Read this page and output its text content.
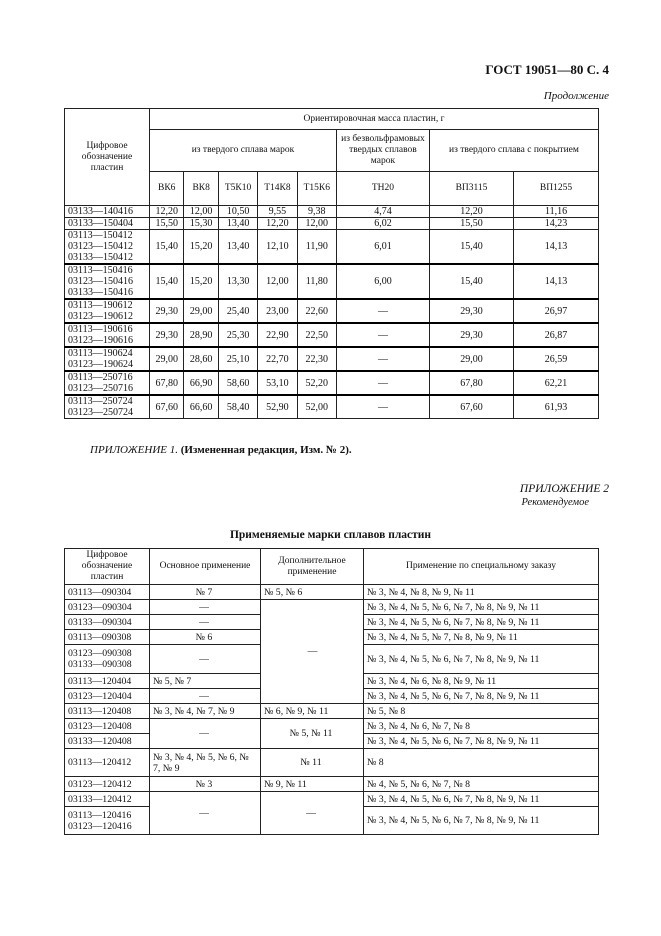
ГОСТ 19051—80 С. 4
Продолжение
Цифровое обозначение пластин	Ориентировочная масса пластин, г							
	из твердого сплава марок					из безвольфрамовых твердых сплавов марок	из твердого сплава с покрытием	
	ВК6	ВК8	Т5К10	Т14К8	Т15К6	ТН20	ВП3115	ВП1255

03133—140416	12,20	12,00	10,50	9,55	9,38	4,74	12,20	11,16

03133—150404	15,50	15,30	13,40	12,20	12,00	6,02	15,50	14,23

03113—150412
03123—150412
03133—150412	15,40	15,20	13,40	12,10	11,90	6,01	15,40	14,13

03113—150416
03123—150416
03133—150416	15,40	15,20	13,30	12,00	11,80	6,00	15,40	14,13

03113—190612
03123—190612	29,30	29,00	25,40	23,00	22,60	—	29,30	26,97

03113—190616
03123—190616	29,30	28,90	25,30	22,90	22,50	—	29,30	26,87

03113—190624
03123—190624	29,00	28,60	25,10	22,70	22,30	—	29,00	26,59

03113—250716
03123—250716	67,80	66,90	58,60	53,10	52,20	—	67,80	62,21

03113—250724
03123—250724	67,60	66,60	58,40	52,90	52,00	—	67,60	61,93
ПРИЛОЖЕНИЕ 1. (Измененная редакция, Изм. № 2).
ПРИЛОЖЕНИЕ 2
Рекомендуемое
Применяемые марки сплавов пластин
Цифровое обозначение пластин	Основное применение	Дополнительное применение	Применение по специальному заказу
03113—090304	№ 7	№ 5, № 6	№ 3, № 4, № 8, № 9, № 11
03123—090304	—	—	№ 3, № 4, № 5, № 6, № 7, № 8, № 9, № 11
03133—090304	—		№ 3, № 4, № 5, № 6, № 7, № 8, № 9, № 11
03113—090308	№ 6		№ 3, № 4, № 5, № 7, № 8, № 9, № 11
03123—090308
03133—090308	—		№ 3, № 4, № 5, № 6, № 7, № 8, № 9, № 11
03113—120404	№ 5, № 7		№ 3, № 4, № 6, № 8, № 9, № 11
03123—120404	—		№ 3, № 4, № 5, № 6, № 7, № 8, № 9, № 11
03113—120408	№ 3, № 4, № 7, № 9	№ 6, № 9, № 11	№ 5, № 8
03123—120408	—	№ 5, № 11	№ 3, № 4, № 6, № 7, № 8
03133—120408			№ 3, № 4, № 5, № 6, № 7, № 8, № 9, № 11
03113—120412	№ 3, № 4, № 5, № 6, № 7, № 9	№ 11	№ 8
03123—120412	№ 3	№ 9, № 11	№ 4, № 5, № 6, № 7, № 8
03133—120412	—	—	№ 3, № 4, № 5, № 6, № 7, № 8, № 9, № 11
03113—120416
03123—120416			№ 3, № 4, № 5, № 6, № 7, № 8, № 9, № 11
